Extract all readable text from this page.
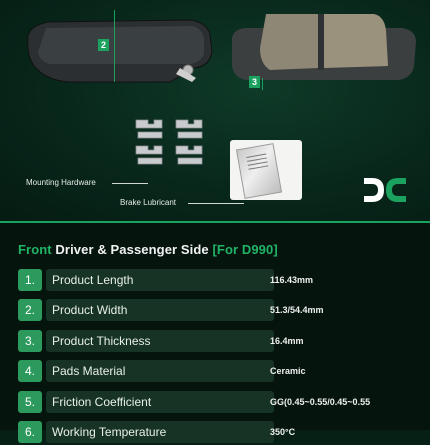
2
3
Mounting Hardware
Brake Lubricant
Front Driver & Passenger Side [For D990]
1.	Product Length	116.43mm
2.	Product Width	51.3/54.4mm
3.	Product Thickness	16.4mm
4.	Pads Material	Ceramic
5.	Friction Coefficient	GG(0.45~0.55/0.45~0.55
6.	Working Temperature	350°C
